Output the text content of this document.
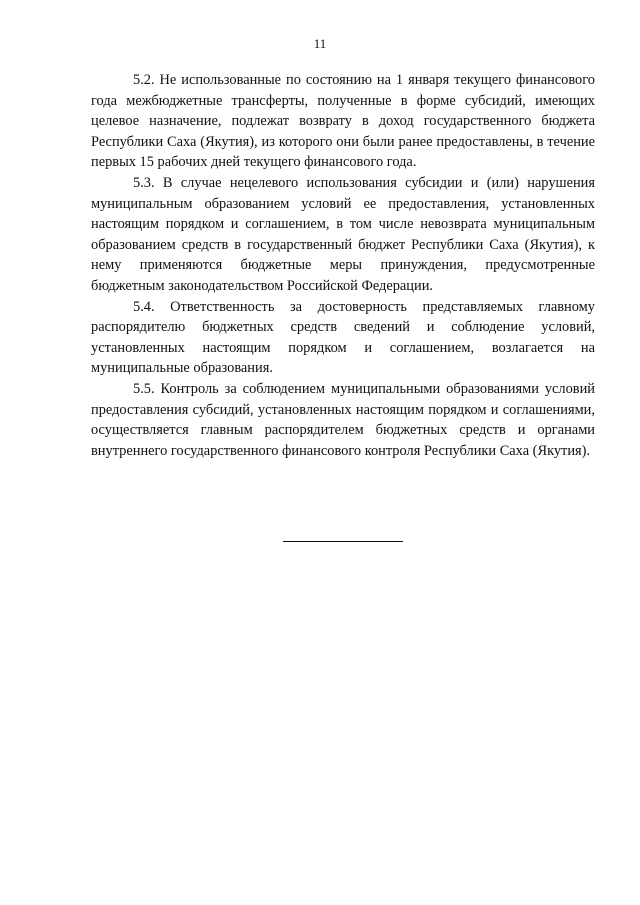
11

5.2. Не использованные по состоянию на 1 января текущего финансового года межбюджетные трансферты, полученные в форме субсидий, имеющих целевое назначение, подлежат возврату в доход государственного бюджета Республики Саха (Якутия), из которого они были ранее предоставлены, в течение первых 15 рабочих дней текущего финансового года.

5.3. В случае нецелевого использования субсидии и (или) нарушения муниципальным образованием условий ее предоставления, установленных настоящим порядком и соглашением, в том числе невозврата муниципальным образованием средств в государственный бюджет Республики Саха (Якутия), к нему применяются бюджетные меры принуждения, предусмотренные бюджетным законодательством Российской Федерации.

5.4. Ответственность за достоверность представляемых главному распорядителю бюджетных средств сведений и соблюдение условий, установленных настоящим порядком и соглашением, возлагается на муниципальные образования.

5.5. Контроль за соблюдением муниципальными образованиями условий предоставления субсидий, установленных настоящим порядком и соглашениями, осуществляется главным распорядителем бюджетных средств и органами внутреннего государственного финансового контроля Республики Саха (Якутия).
